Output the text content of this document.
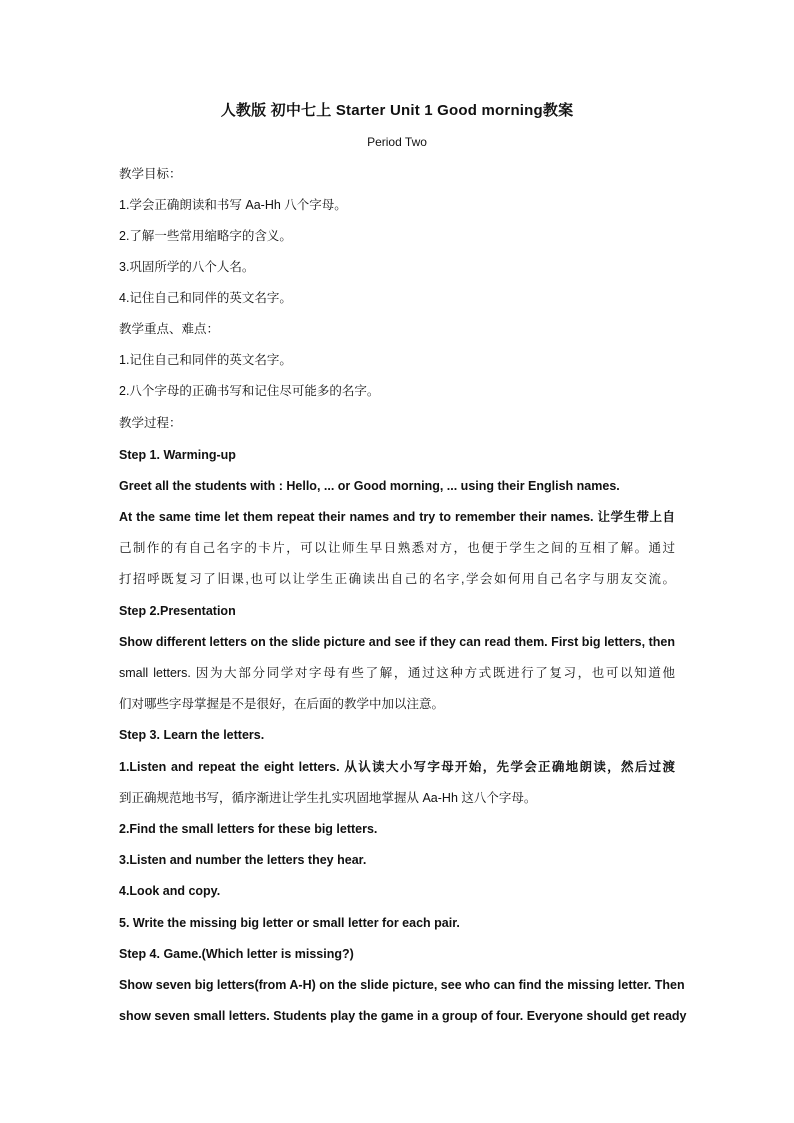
人教版 初中七上 Starter Unit 1 Good morning教案
Period Two
教学目标：
1.学会正确朗读和书写 Aa-Hh 八个字母。
2.了解一些常用缩略字的含义。
3.巩固所学的八个人名。
4.记住自己和同伴的英文名字。
教学重点、难点：
1.记住自己和同伴的英文名字。
2.八个字母的正确书写和记住尽可能多的名字。
教学过程：
Step 1. Warming-up
Greet all the students with : Hello, ... or Good morning, ... using their English names.
At the same time let them repeat their names and try to remember their names. 让学生带上自
己制作的有自己名字的卡片，可以让师生早日熟悉对方，也便于学生之间的互相了解。通过
打招呼既复习了旧课,也可以让学生正确读出自己的名字,学会如何用自己名字与朋友交流。
Step 2.Presentation
Show different letters on the slide picture and see if they can read them. First big letters, then
small letters. 因为大部分同学对字母有些了解，通过这种方式既进行了复习，也可以知道他
们对哪些字母掌握是不是很好，在后面的教学中加以注意。
Step 3. Learn the letters.
1.Listen and repeat the eight letters. 从认读大小写字母开始，先学会正确地朗读，然后过渡
到正确规范地书写，循序渐进让学生扎实巩固地掌握从 Aa-Hh 这八个字母。
2.Find the small letters for these big letters.
3.Listen and number the letters they hear.
4.Look and copy.
5. Write the missing big letter or small letter for each pair.
Step 4. Game.(Which letter is missing?)
Show seven big letters(from A-H) on the slide picture, see who can find the missing letter. Then
show seven small letters. Students play the game in a group of four. Everyone should get ready
